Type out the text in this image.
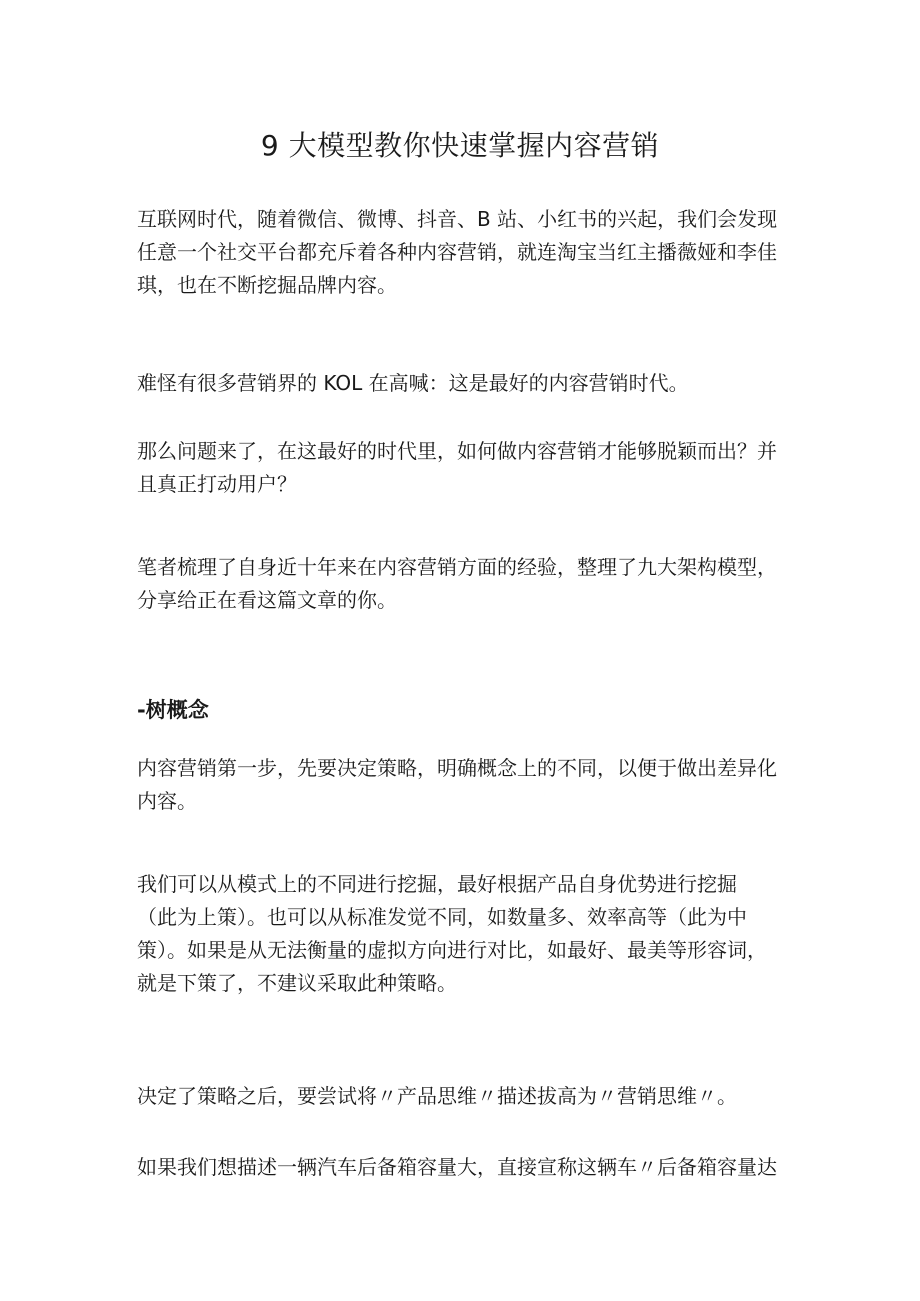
9 大模型教你快速掌握内容营销

互联网时代，随着微信、微博、抖音、B 站、小红书的兴起，我们会发现
任意一个社交平台都充斥着各种内容营销，就连淘宝当红主播薇娅和李佳
琪，也在不断挖掘品牌内容。

难怪有很多营销界的 KOL 在高喊：这是最好的内容营销时代。

那么问题来了，在这最好的时代里，如何做内容营销才能够脱颖而出？并
且真正打动用户？

笔者梳理了自身近十年来在内容营销方面的经验，整理了九大架构模型，
分享给正在看这篇文章的你。

-树概念

内容营销第一步，先要决定策略，明确概念上的不同，以便于做出差异化
内容。

我们可以从模式上的不同进行挖掘，最好根据产品自身优势进行挖掘
（此为上策）。也可以从标准发觉不同，如数量多、效率高等（此为中
策）。如果是从无法衡量的虚拟方向进行对比，如最好、最美等形容词，
就是下策了，不建议采取此种策略。

决定了策略之后，要尝试将〃产品思维〃描述拔高为〃营销思维〃。

如果我们想描述一辆汽车后备箱容量大，直接宣称这辆车〃后备箱容量达
